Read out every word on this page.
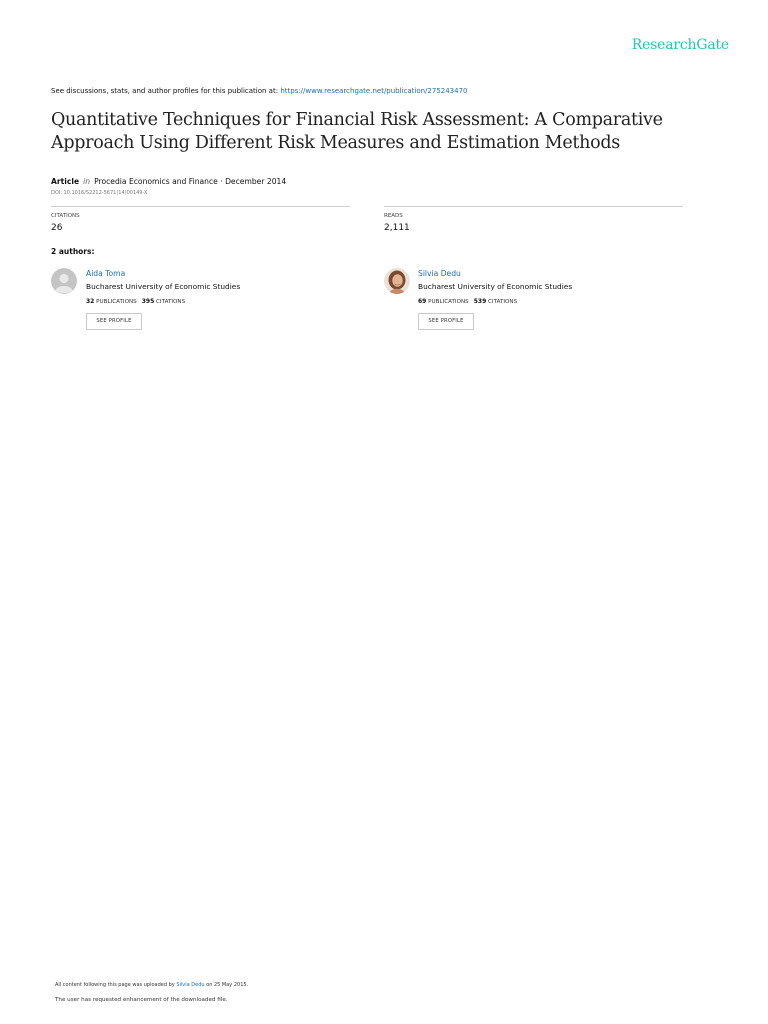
ResearchGate
See discussions, stats, and author profiles for this publication at: https://www.researchgate.net/publication/275243470
Quantitative Techniques for Financial Risk Assessment: A Comparative Approach Using Different Risk Measures and Estimation Methods
Article in Procedia Economics and Finance · December 2014
DOI: 10.1016/S2212-5671(14)00149-X
CITATIONS
26
READS
2,111
2 authors:
Aida Toma
Bucharest University of Economic Studies
32 PUBLICATIONS 395 CITATIONS
SEE PROFILE
Silvia Dedu
Bucharest University of Economic Studies
69 PUBLICATIONS 539 CITATIONS
SEE PROFILE
All content following this page was uploaded by Silvia Dedu on 25 May 2015.
The user has requested enhancement of the downloaded file.
